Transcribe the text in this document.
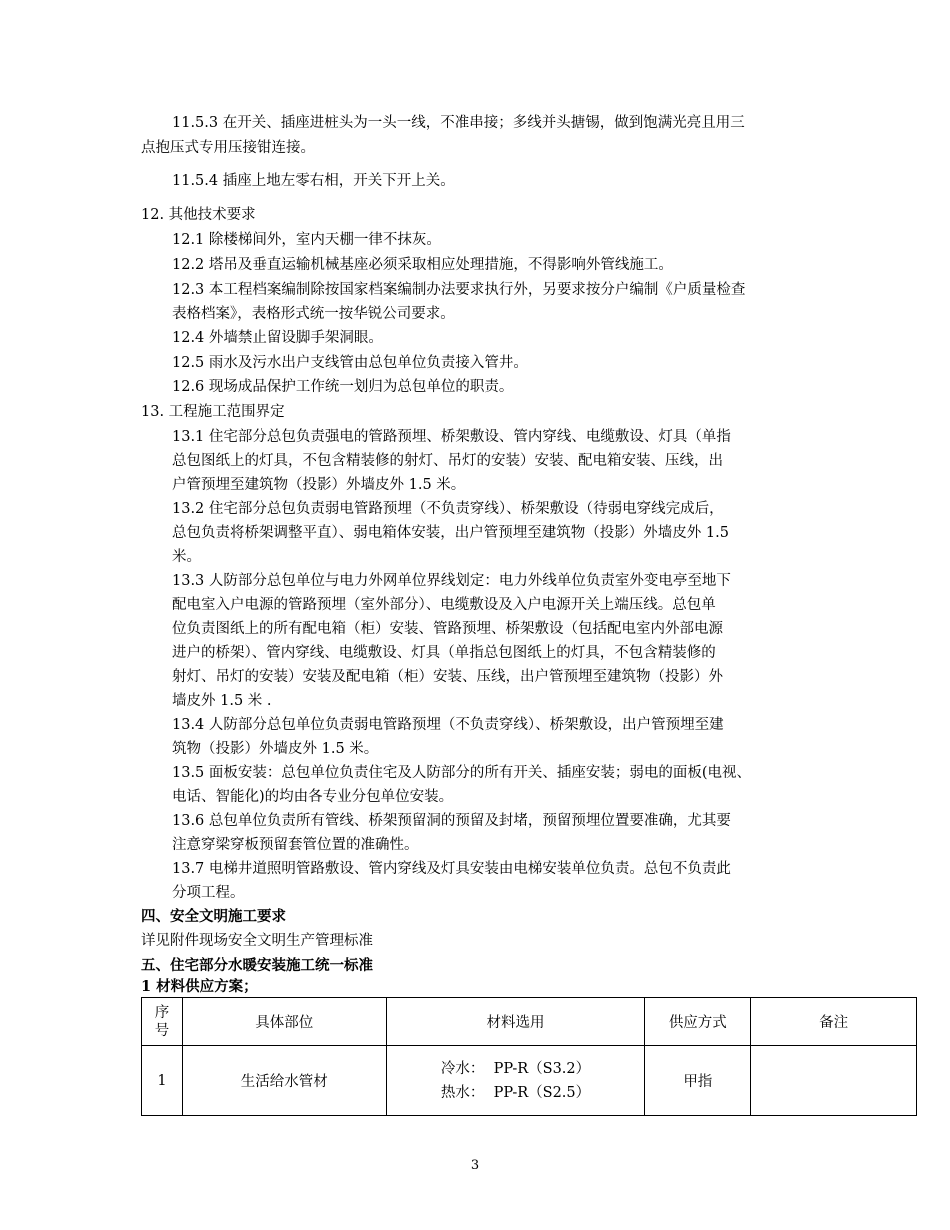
11.5.3 在开关、插座进桩头为一头一线，不准串接；多线并头搪锡，做到饱满光亮且用三
点抱压式专用压接钳连接。
11.5.4 插座上地左零右相，开关下开上关。
12. 其他技术要求
12.1 除楼梯间外，室内天棚一律不抹灰。
12.2 塔吊及垂直运输机械基座必须采取相应处理措施，不得影响外管线施工。
12.3 本工程档案编制除按国家档案编制办法要求执行外，另要求按分户编制《户质量检查
表格档案》，表格形式统一按华锐公司要求。
12.4 外墙禁止留设脚手架洞眼。
12.5 雨水及污水出户支线管由总包单位负责接入管井。
12.6 现场成品保护工作统一划归为总包单位的职责。
13. 工程施工范围界定
13.1 住宅部分总包负责强电的管路预埋、桥架敷设、管内穿线、电缆敷设、灯具（单指
总包图纸上的灯具，不包含精装修的射灯、吊灯的安装）安装、配电箱安装、压线，出
户管预埋至建筑物（投影）外墙皮外 1.5 米。
13.2 住宅部分总包负责弱电管路预埋（不负责穿线）、桥架敷设（待弱电穿线完成后，
总包负责将桥架调整平直）、弱电箱体安装，出户管预埋至建筑物（投影）外墙皮外 1.5
米。
13.3 人防部分总包单位与电力外网单位界线划定：电力外线单位负责室外变电亭至地下
配电室入户电源的管路预埋（室外部分）、电缆敷设及入户电源开关上端压线。总包单
位负责图纸上的所有配电箱（柜）安装、管路预埋、桥架敷设（包括配电室内外部电源
进户的桥架）、管内穿线、电缆敷设、灯具（单指总包图纸上的灯具，不包含精装修的
射灯、吊灯的安装）安装及配电箱（柜）安装、压线，出户管预埋至建筑物（投影）外
墙皮外 1.5 米 .
13.4 人防部分总包单位负责弱电管路预埋（不负责穿线）、桥架敷设，出户管预埋至建
筑物（投影）外墙皮外 1.5 米。
13.5 面板安装：总包单位负责住宅及人防部分的所有开关、插座安装；弱电的面板(电视、
电话、智能化)的均由各专业分包单位安装。
13.6 总包单位负责所有管线、桥架预留洞的预留及封堵，预留预埋位置要准确，尤其要
注意穿梁穿板预留套管位置的准确性。
13.7 电梯井道照明管路敷设、管内穿线及灯具安装由电梯安装单位负责。总包不负责此
分项工程。
四、安全文明施工要求
详见附件现场安全文明生产管理标准
五、住宅部分水暖安装施工统一标准
1 材料供应方案；
序号	具体部位	材料选用	供应方式	备注
1	生活给水管材	冷水：  PP-R（S3.2）
热水：  PP-R（S2.5）	甲指	
3
